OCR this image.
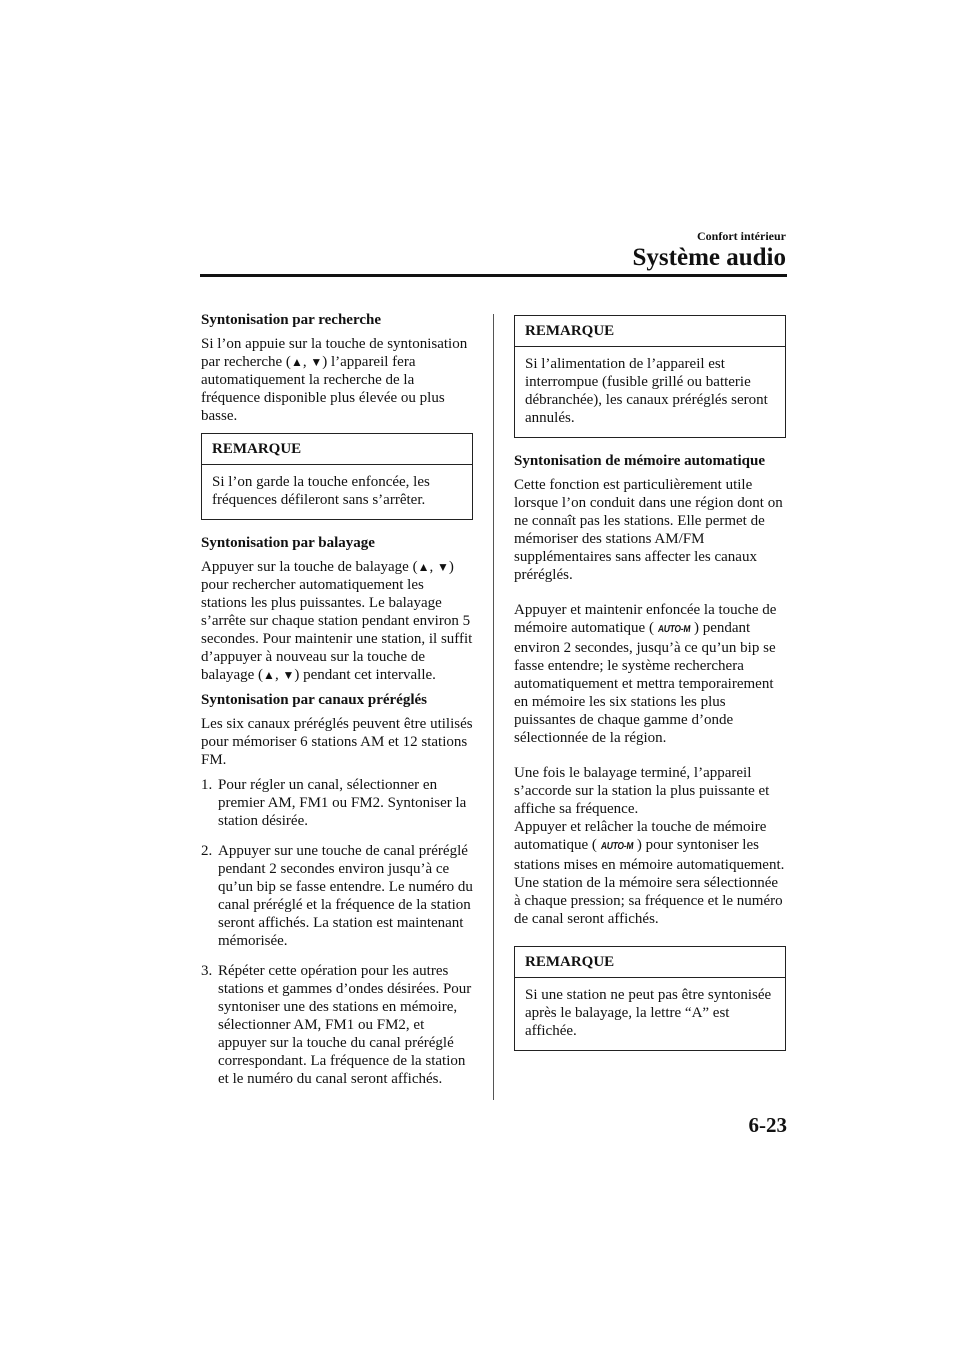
Confort intérieur
Système audio
Syntonisation par recherche

Si l’on appuie sur la touche de syntonisation par recherche (▲, ▼) l’appareil fera automatiquement la recherche de la fréquence disponible plus élevée ou plus basse.

REMARQUE
Si l’on garde la touche enfoncée, les fréquences défileront sans s’arrêter.
Syntonisation par balayage

Appuyer sur la touche de balayage (▲, ▼) pour rechercher automatiquement les stations les plus puissantes. Le balayage s’arrête sur chaque station pendant environ 5 secondes. Pour maintenir une station, il suffit d’appuyer à nouveau sur la touche de balayage (▲, ▼) pendant cet intervalle.

Syntonisation par canaux préréglés

Les six canaux préréglés peuvent être utilisés pour mémoriser 6 stations AM et 12 stations FM.

1. Pour régler un canal, sélectionner en premier AM, FM1 ou FM2. Syntoniser la station désirée.
2. Appuyer sur une touche de canal préréglé pendant 2 secondes environ jusqu’à ce qu’un bip se fasse entendre. Le numéro du canal préréglé et la fréquence de la station seront affichés. La station est maintenant mémorisée.
3. Répéter cette opération pour les autres stations et gammes d’ondes désirées. Pour syntoniser une des stations en mémoire, sélectionner AM, FM1 ou FM2, et appuyer sur la touche du canal préréglé correspondant. La fréquence de la station et le numéro du canal seront affichés.
REMARQUE
Si l’alimentation de l’appareil est interrompue (fusible grillé ou batterie débranchée), les canaux préréglés seront annulés.
Syntonisation de mémoire automatique

Cette fonction est particulièrement utile lorsque l’on conduit dans une région dont on ne connaît pas les stations. Elle permet de mémoriser des stations AM/FM supplémentaires sans affecter les canaux préréglés.

Appuyer et maintenir enfoncée la touche de mémoire automatique ( AUTO-M ) pendant environ 2 secondes, jusqu’à ce qu’un bip se fasse entendre; le système recherchera automatiquement et mettra temporairement en mémoire les six stations les plus puissantes de chaque gamme d’onde sélectionnée de la région.

Une fois le balayage terminé, l’appareil s’accorde sur la station la plus puissante et affiche sa fréquence.
Appuyer et relâcher la touche de mémoire automatique ( AUTO-M ) pour syntoniser les stations mises en mémoire automatiquement. Une station de la mémoire sera sélectionnée à chaque pression; sa fréquence et le numéro de canal seront affichés.

REMARQUE
Si une station ne peut pas être syntonisée après le balayage, la lettre “A” est affichée.
6-23
